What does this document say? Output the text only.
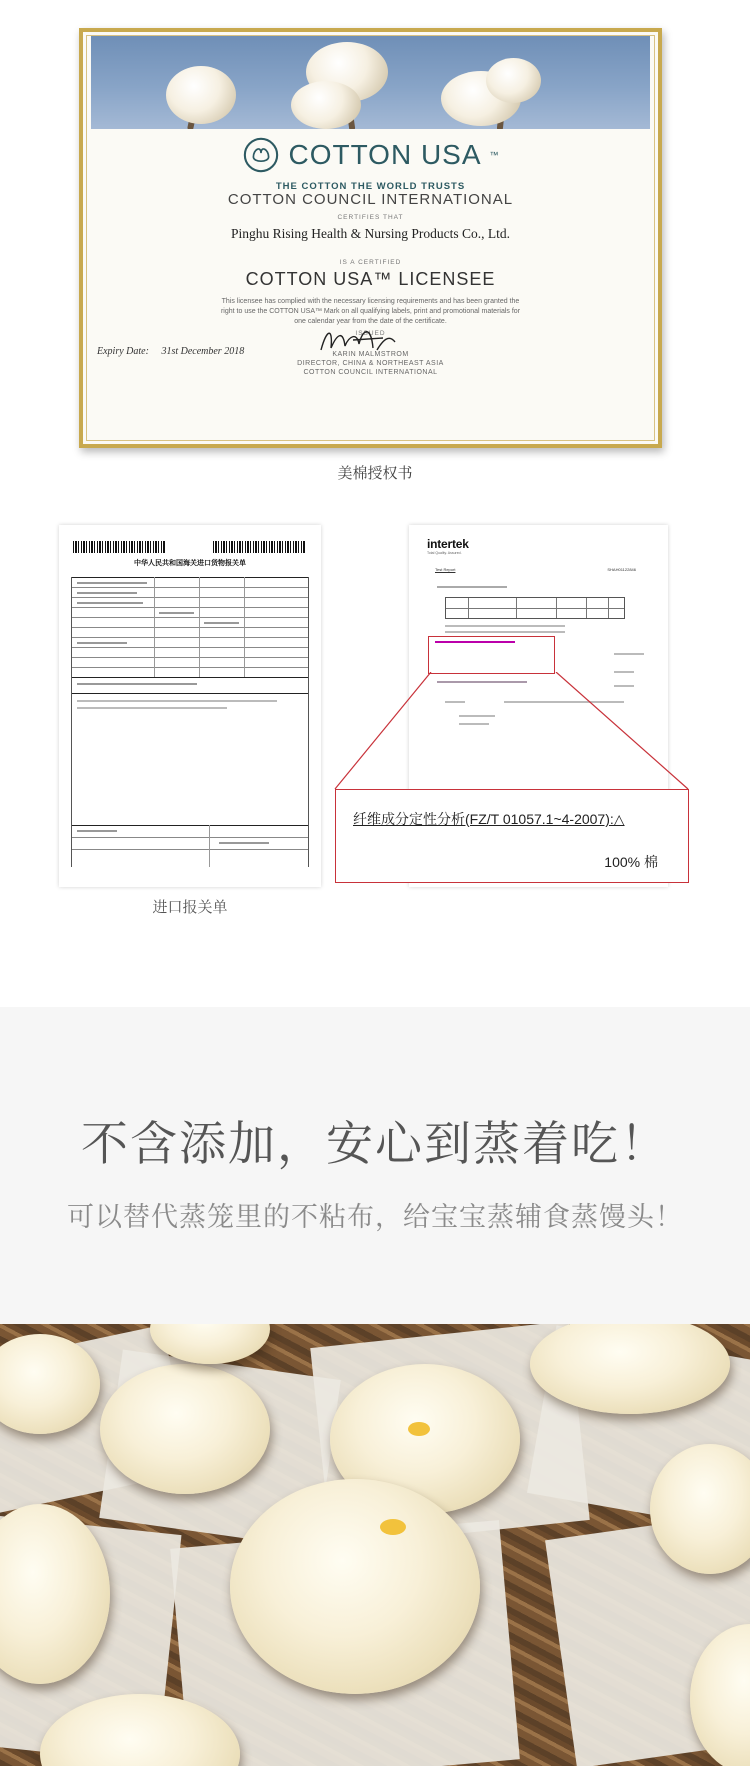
COTTON USA ™
THE COTTON THE WORLD TRUSTS
COTTON COUNCIL INTERNATIONAL
CERTIFIES THAT
Pinghu Rising Health & Nursing Products Co., Ltd.
IS A CERTIFIED
COTTON USA™ LICENSEE
This licensee has complied with the necessary licensing requirements and has been granted the right to use the COTTON USA™ Mark on all qualifying labels, print and promotional materials for one calendar year from the date of the certificate.
ISSUED
Expiry Date: 31st December 2018	KARIN MALMSTROM
DIRECTOR, CHINA & NORTHEAST ASIA
COTTON COUNCIL INTERNATIONAL
美棉授权书
中华人民共和国海关进口货物报关单
进口报关单
intertek
Total Quality. Assured.
Test Report	SHAH01122846
纤维成分定性分析(FZ/T 01057.1~4-2007):△
100% 棉
不含添加，安心到蒸着吃！
可以替代蒸笼里的不粘布，给宝宝蒸辅食蒸馒头！
